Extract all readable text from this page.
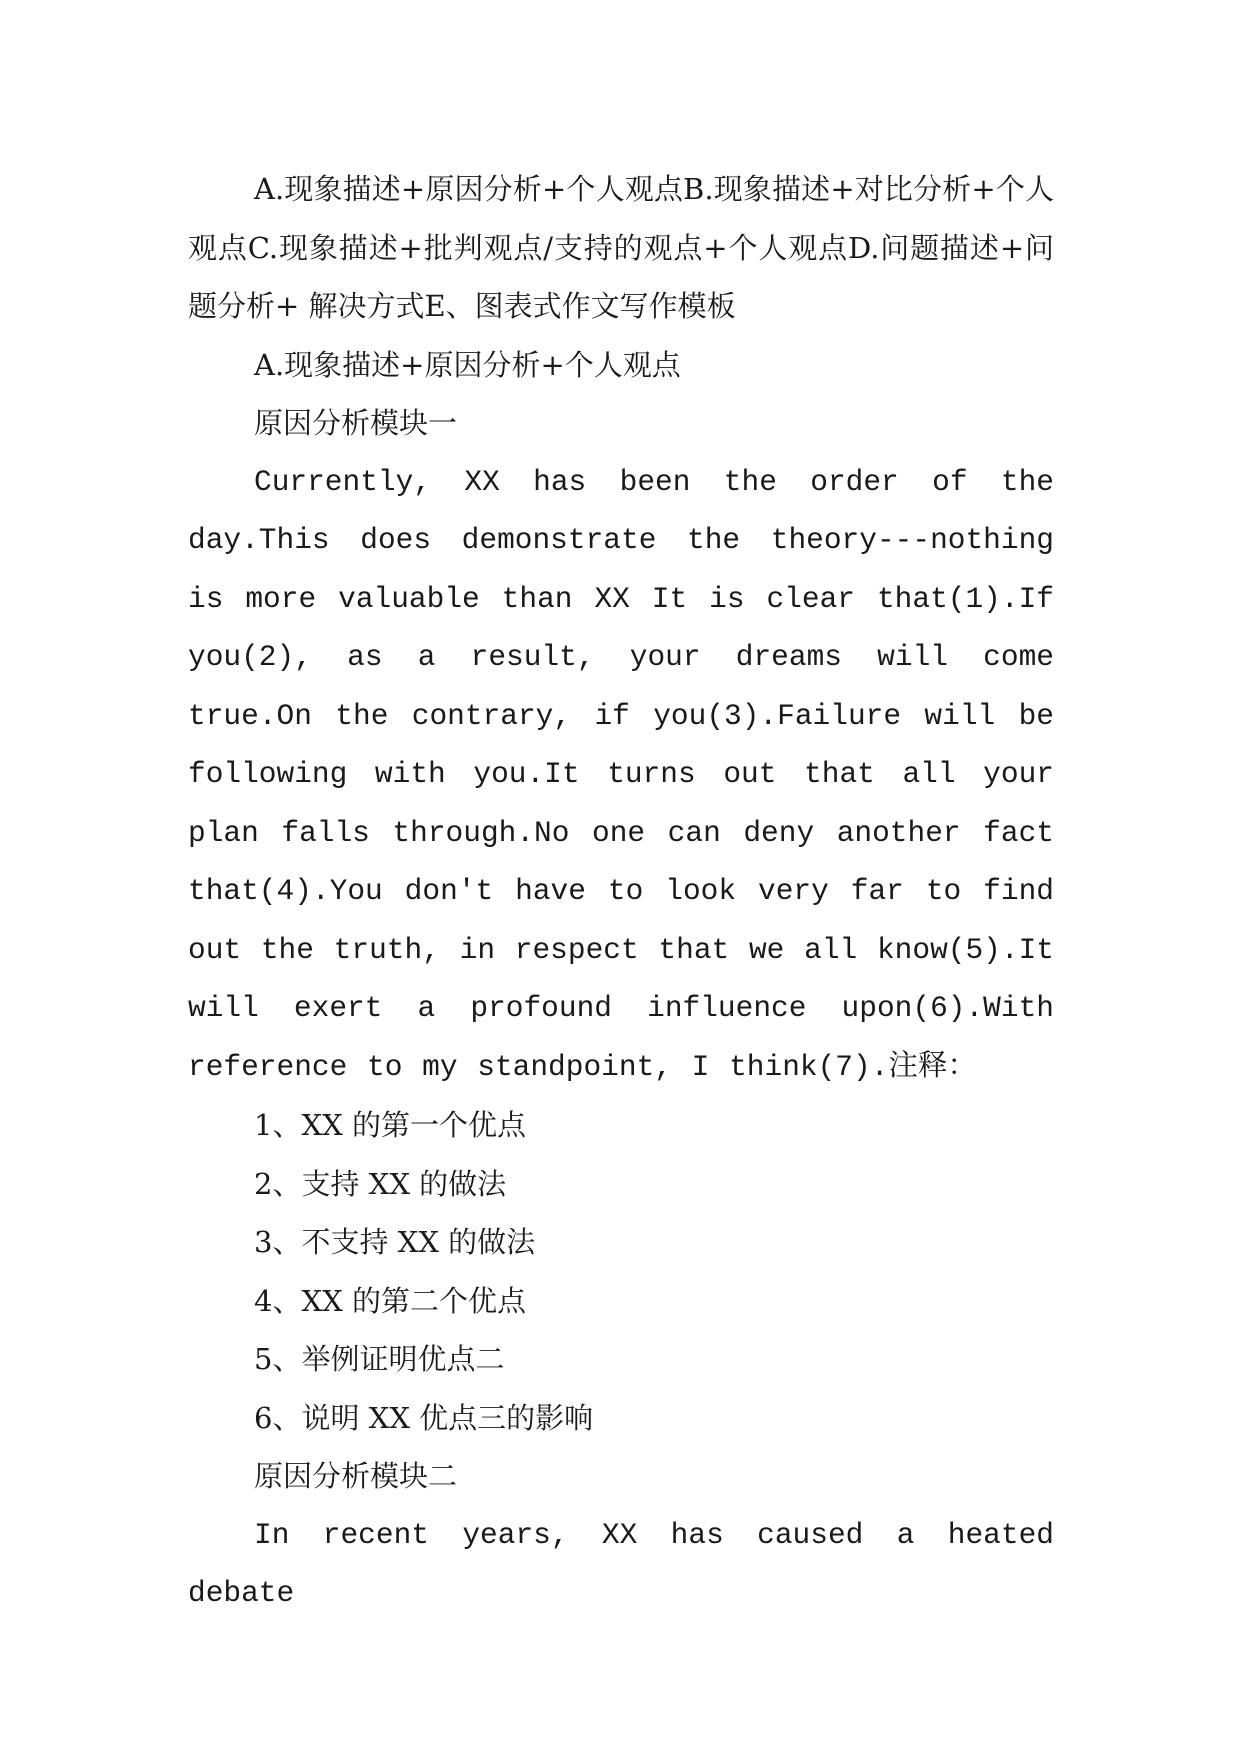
A.现象描述+原因分析+个人观点B.现象描述+对比分析+个人观点C.现象描述+批判观点/支持的观点+个人观点D.问题描述+问题分析+ 解决方式E、图表式作文写作模板

A.现象描述+原因分析+个人观点

原因分析模块一

Currently, XX has been the order of the day.This does demonstrate the theory---nothing is more valuable than XX It is clear that(1).If you(2), as a result, your dreams will come true.On the contrary, if you(3).Failure will be following with you.It turns out that all your plan falls through.No one can deny another fact that(4).You don't have to look very far to find out the truth, in respect that we all know(5).It will exert a profound influence upon(6).With reference to my standpoint, I think(7).注释：

1、XX 的第一个优点

2、支持 XX 的做法

3、不支持 XX 的做法

4、XX 的第二个优点

5、举例证明优点二

6、说明 XX 优点三的影响

原因分析模块二

In recent years, XX has caused a heated debate
